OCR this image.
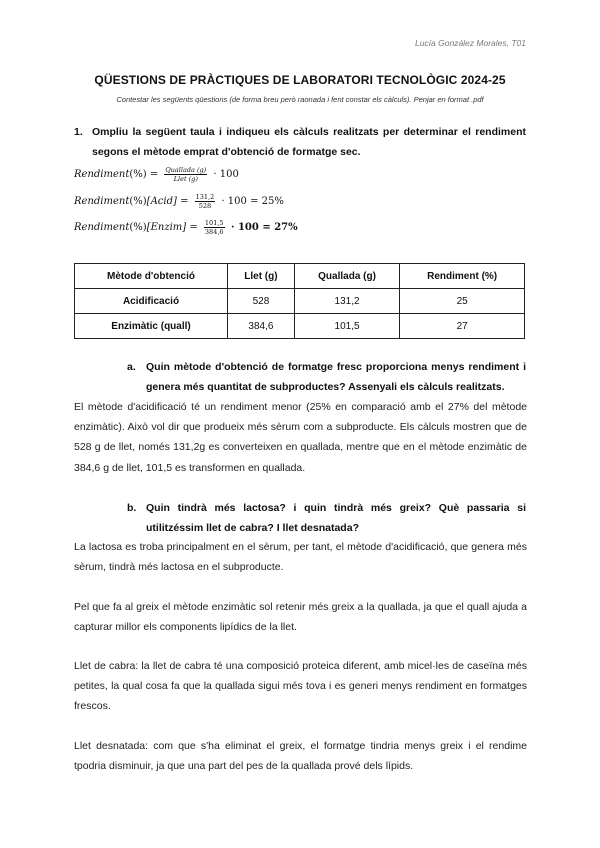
Lucía González Morales, T01
QÜESTIONS DE PRÀCTIQUES DE LABORATORI TECNOLÒGIC 2024-25
Contestar les següents qüestions (de forma breu però raonada i fent constar els càlculs). Penjar en format .pdf
1. Ompliu la següent taula i indiqueu els càlculs realitzats per determinar el rendiment segons el mètode emprat d'obtenció de formatge sec.
Rendiment (%) = $\frac{\text{Quallada (g)}}{\text{Llet (g)}} \cdot 100$
Rendiment (%) [Acid] = $\frac{131,2}{528} \cdot 100 = 25\%$
Rendiment (%) [Enzim] = $\frac{101,5}{384,6} \cdot 100 = 27\%$
Mètode d'obtenció	Llet (g)	Quallada (g)	Rendiment (%)
Acidificació	528	131,2	25
Enzimàtic (quall)	384,6	101,5	27
a. Quin mètode d'obtenció de formatge fresc proporciona menys rendiment i genera més quantitat de subproductes? Assenyali els càlculs realitzats.
El mètode d'acidificació té un rendiment menor (25% en comparació amb el 27% del mètode enzimàtic). Això vol dir que produeix més sèrum com a subproducte. Els càlculs mostren que de 528 g de llet, només 131,2g es converteixen en quallada, mentre que en el mètode enzimàtic de 384,6 g de llet, 101,5 es transformen en quallada.
b. Quin tindrà més lactosa? i quin tindrà més greix? Què passaria si utilitzéssim llet de cabra? I llet desnatada?
La lactosa es troba principalment en el sèrum, per tant, el mètode d'acidificació, que genera més sèrum, tindrà més lactosa en el subproducte.
Pel que fa al greix el mètode enzimàtic sol retenir més greix a la quallada, ja que el quall ajuda a capturar millor els components lipídics de la llet.
Llet de cabra: la llet de cabra té una composició proteica diferent, amb micel·les de caseïna més petites, la qual cosa fa que la quallada sigui més tova i es generi menys rendiment en formatges frescos.
Llet desnatada: com que s'ha eliminat el greix, el formatge tindria menys greix i el rendime tpodria disminuir, ja que una part del pes de la quallada prové dels lípids.
